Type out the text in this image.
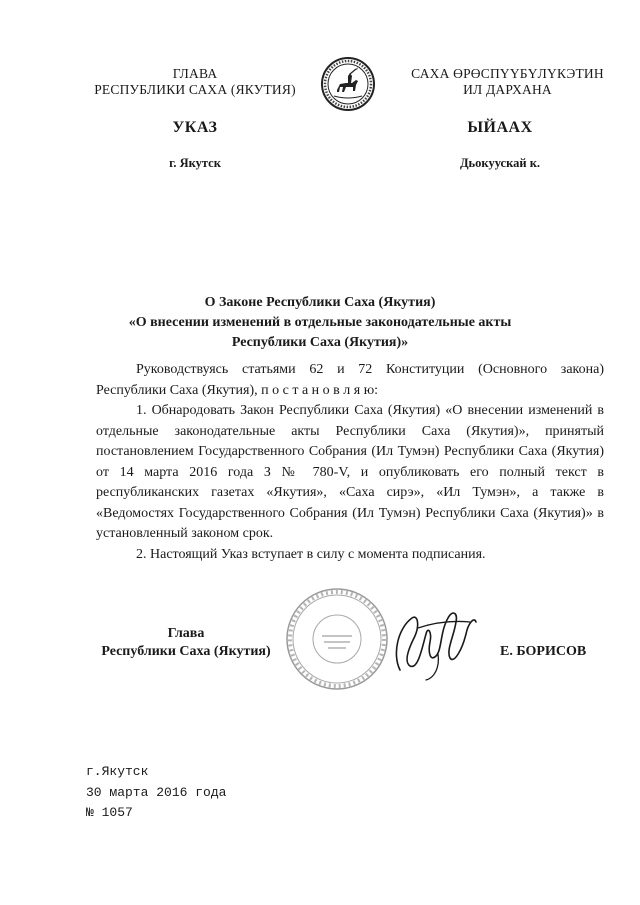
ГЛАВА
РЕСПУБЛИКИ САХА (ЯКУТИЯ)
САХА ӨРӨСПҮҮБҮЛҮКЭТИН
ИЛ ДАРХАНА
УКАЗ	ЫЙААХ
г. Якутск	Дьокуускай к.
О Законе Республики Саха (Якутия)
«О внесении изменений в отдельные законодательные акты
Республики Саха (Якутия)»

Руководствуясь статьями 62 и 72 Конституции (Основного закона) Республики Саха (Якутия), п о с т а н о в л я ю:

1. Обнародовать Закон Республики Саха (Якутия) «О внесении изменений в отдельные законодательные акты Республики Саха (Якутия)», принятый постановлением Государственного Собрания (Ил Тумэн) Республики Саха (Якутия) от 14 марта 2016 года З № 780-V, и опубликовать его полный текст в республиканских газетах «Якутия», «Саха сирэ», «Ил Тумэн», а также в «Ведомостях Государственного Собрания (Ил Тумэн) Республики Саха (Якутия)» в установленный законом срок.

2. Настоящий Указ вступает в силу с момента подписания.

Глава
Республики Саха (Якутия)	Е. БОРИСОВ
г.Якутск
30 марта 2016 года
№ 1057
